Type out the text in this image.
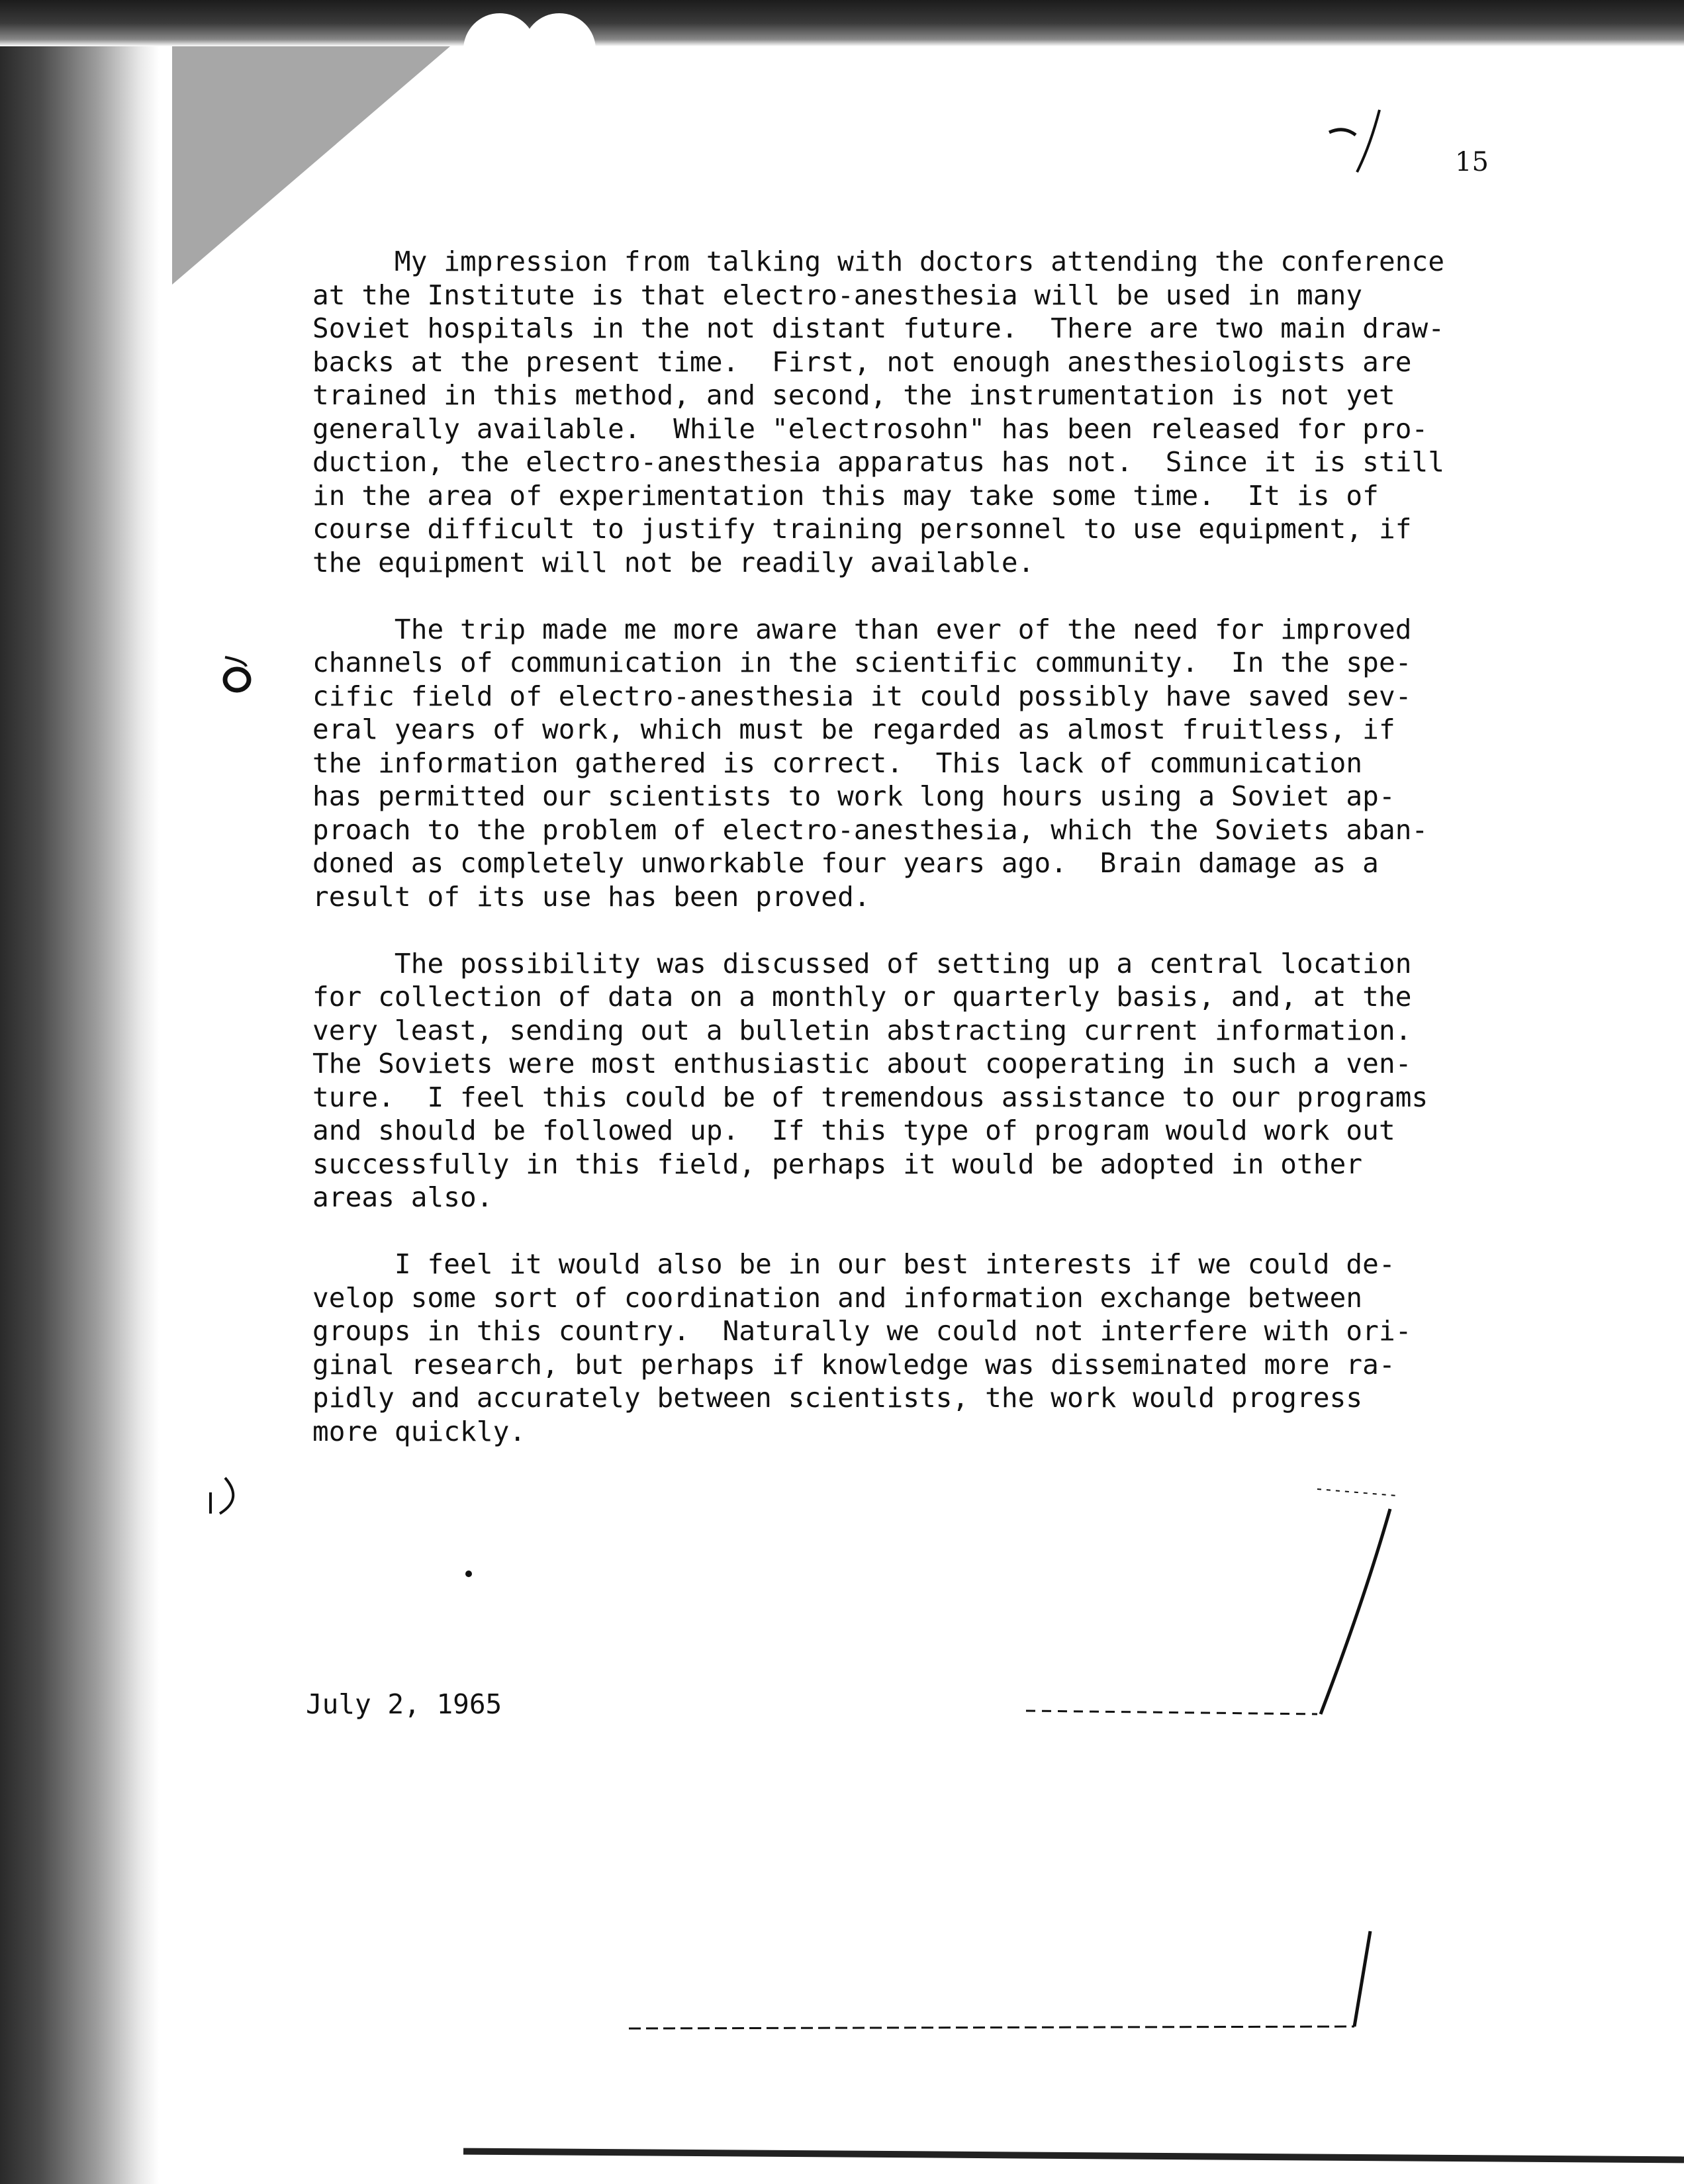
15
My impression from talking with doctors attending the conference
at the Institute is that electro-anesthesia will be used in many
Soviet hospitals in the not distant future.  There are two main draw-
backs at the present time.  First, not enough anesthesiologists are
trained in this method, and second, the instrumentation is not yet
generally available.  While "electrosohn" has been released for pro-
duction, the electro-anesthesia apparatus has not.  Since it is still
in the area of experimentation this may take some time.  It is of
course difficult to justify training personnel to use equipment, if
the equipment will not be readily available.
The trip made me more aware than ever of the need for improved
channels of communication in the scientific community.  In the spe-
cific field of electro-anesthesia it could possibly have saved sev-
eral years of work, which must be regarded as almost fruitless, if
the information gathered is correct.  This lack of communication
has permitted our scientists to work long hours using a Soviet ap-
proach to the problem of electro-anesthesia, which the Soviets aban-
doned as completely unworkable four years ago.  Brain damage as a
result of its use has been proved.
The possibility was discussed of setting up a central location
for collection of data on a monthly or quarterly basis, and, at the
very least, sending out a bulletin abstracting current information.
The Soviets were most enthusiastic about cooperating in such a ven-
ture.  I feel this could be of tremendous assistance to our programs
and should be followed up.  If this type of program would work out
successfully in this field, perhaps it would be adopted in other
areas also.
I feel it would also be in our best interests if we could de-
velop some sort of coordination and information exchange between
groups in this country.  Naturally we could not interfere with ori-
ginal research, but perhaps if knowledge was disseminated more ra-
pidly and accurately between scientists, the work would progress
more quickly.
July 2, 1965
